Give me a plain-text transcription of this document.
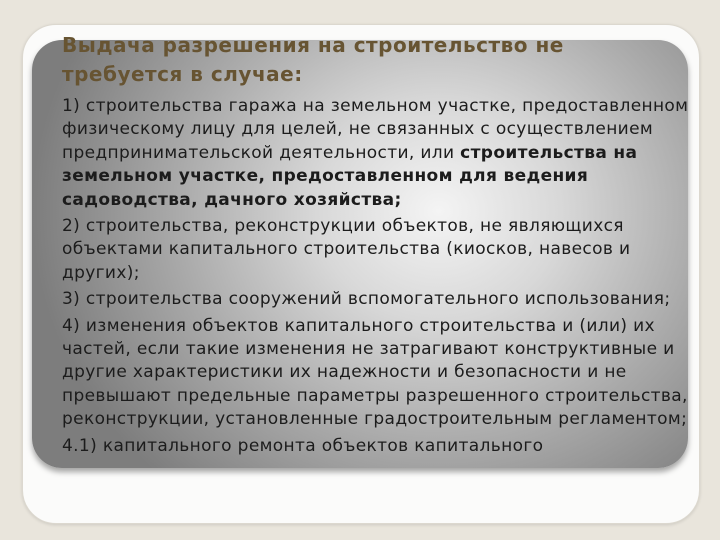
Выдача разрешения на строительство не требуется в случае:
1) строительства гаража на земельном участке, предоставленном физическому лицу для целей, не связанных с осуществлением предпринимательской деятельности, или строительства на земельном участке, предоставленном для ведения садоводства, дачного хозяйства;
2) строительства, реконструкции объектов, не являющихся объектами капитального строительства (киосков, навесов и других);
3) строительства сооружений вспомогательного использования;
4) изменения объектов капитального строительства и (или) их частей, если такие изменения не затрагивают конструктивные и другие характеристики их надежности и безопасности и не превышают предельные параметры разрешенного строительства, реконструкции, установленные градостроительным регламентом;
4.1) капитального ремонта объектов капитального
